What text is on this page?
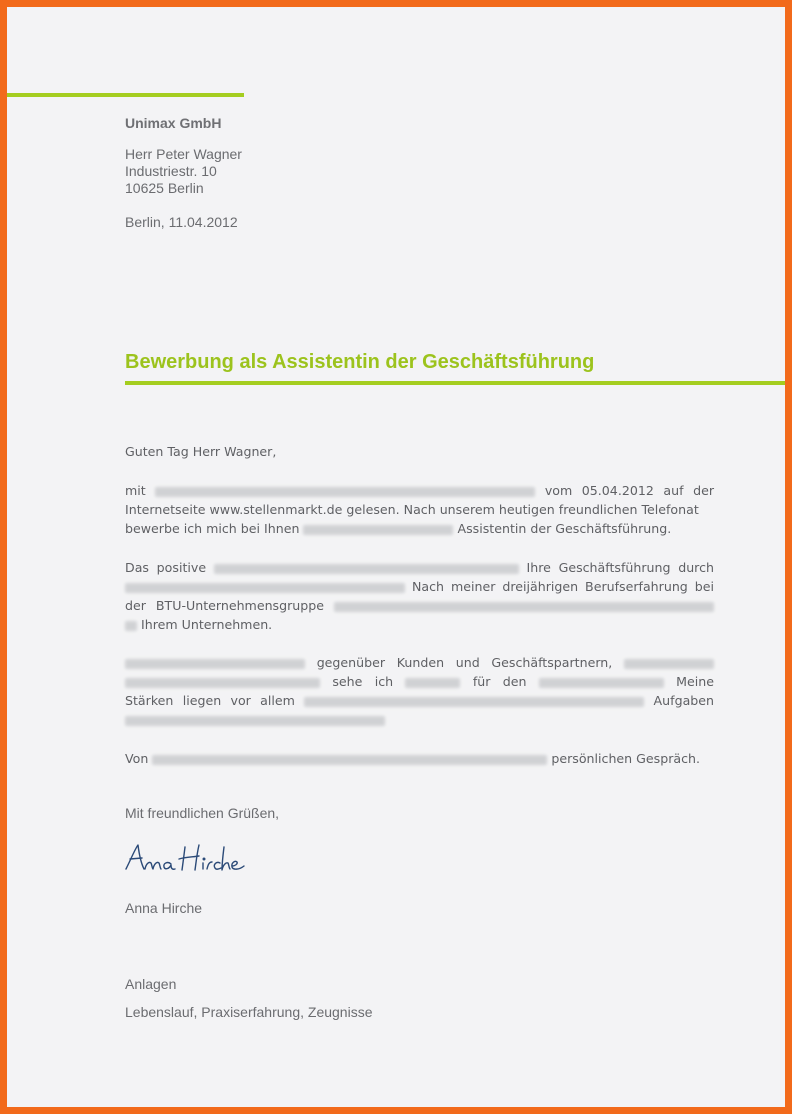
Unimax GmbH
Herr Peter Wagner
Industriestr. 10
10625 Berlin
Berlin, 11.04.2012
Bewerbung als Assistentin der Geschäftsführung
Guten Tag Herr Wagner,
mit	vom 05.04.2012 auf der
Internetseite www.stellenmarkt.de gelesen. Nach unserem heutigen freundlichen Telefonat
bewerbe ich mich bei Ihnen	Assistentin der Geschäftsführung.
Das positive	Ihre Geschäftsführung durch
Nach meiner dreijährigen Berufserfahrung bei
der BTU-Unternehmensgruppe
Ihrem Unternehmen.
gegenüber Kunden und Geschäftspartnern,
sehe ich	für den	Meine
Stärken liegen vor allem	Aufgaben
Von	persönlichen Gespräch.
Mit freundlichen Grüßen,
Anna Hirche
Anlagen
Lebenslauf, Praxiserfahrung, Zeugnisse
